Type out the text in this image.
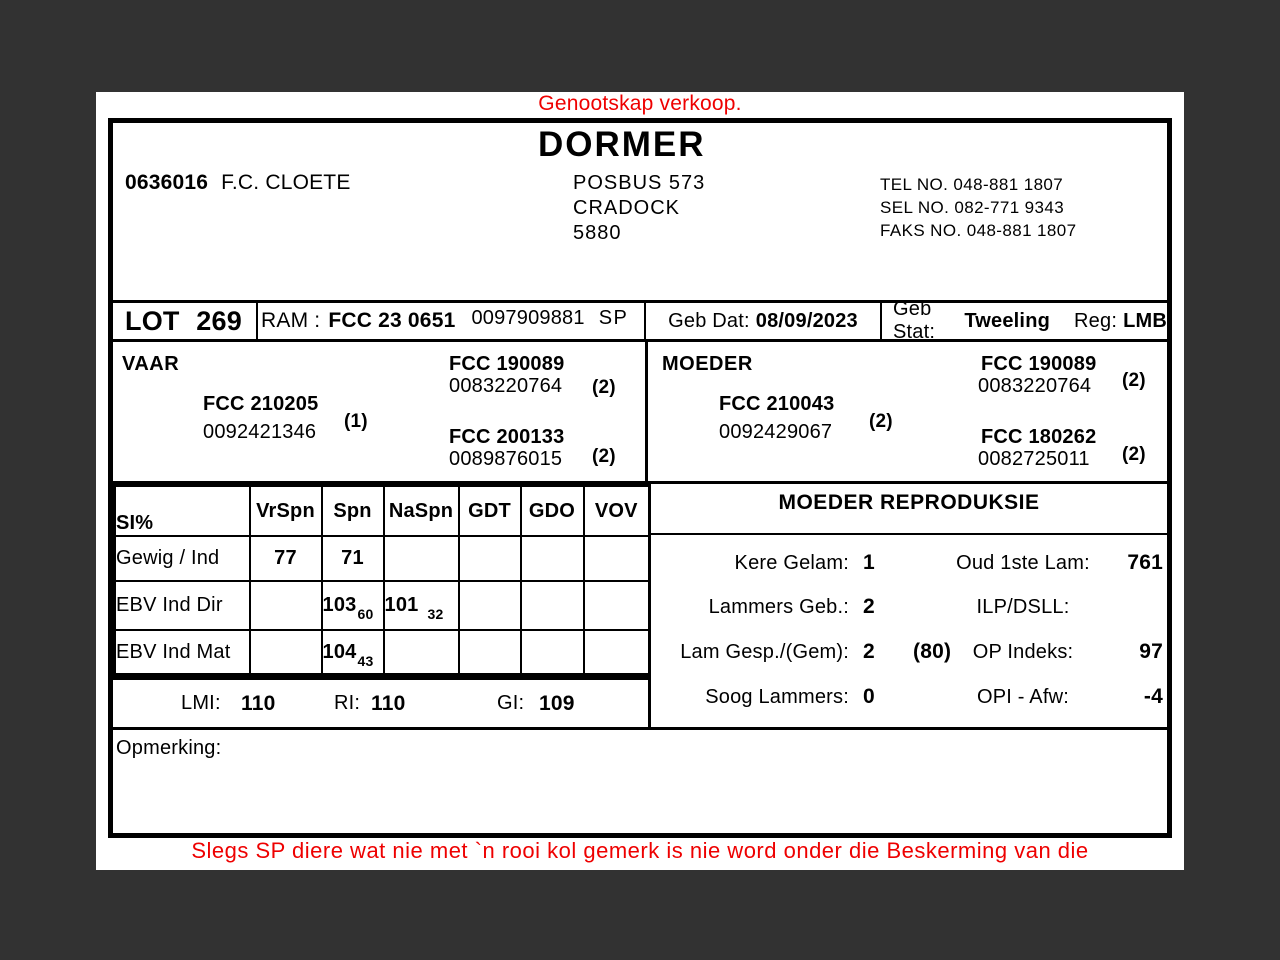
Genootskap verkoop.
DORMER
0636016 F.C. CLOETE	POSBUS 573
CRADOCK
5880
TEL NO. 048-881 1807
SEL NO. 082-771 9343
FAKS NO. 048-881 1807
LOT 269 RAM : FCC 23 0651 0097909881 SP Geb Dat: 08/09/2023
Geb Stat:
Tweeling Reg: LMB
VAAR
FCC 210205
(1)
0092421346
FCC 190089
0083220764 (2)
FCC 200133
0089876015 (2)
MOEDER
FCC 210043
(2)
0092429067
FCC 190089
0083220764 (2)
FCC 180262
0082725011 (2)
SI%	VrSpn	Spn	NaSpn	GDT	GDO	VOV
Gewig / Ind	77	71				
EBV Ind Dir		$103_{60}$	101 $_{32}$			
EBV Ind Mat		$104_{43}$				
LMI: 110	RI: 110	GI: 109
MOEDER REPRODUKSIE
Kere Gelam: 1	Oud 1ste Lam:	761
Lammers Geb.: 2	ILP/DSLL:
Lam Gesp./(Gem): 2 (80)	OP Indeks:	97
Soog Lammers: 0	OPI - Afw:	-4
Opmerking:
Slegs SP diere wat nie met `n rooi kol gemerk is nie word onder die Beskerming van die
